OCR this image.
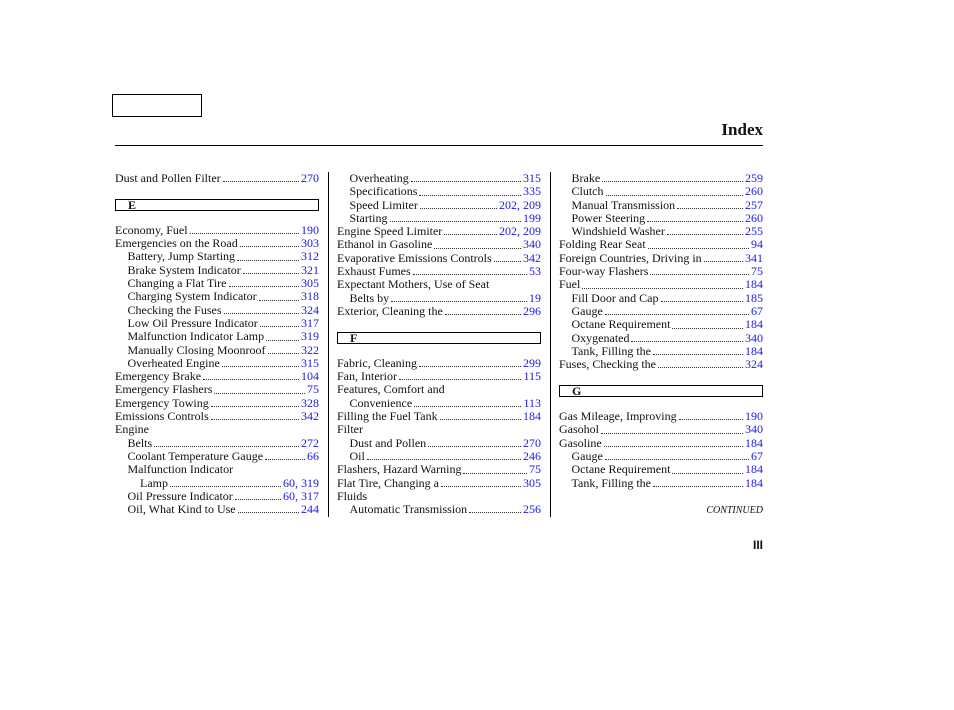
Index
Dust and Pollen Filter	270
E
Economy, Fuel	190
Emergencies on the Road	303
Battery, Jump Starting	312
Brake System Indicator	321
Changing a Flat Tire	305
Charging System Indicator	318
Checking the Fuses	324
Low Oil Pressure Indicator	317
Malfunction Indicator Lamp	319
Manually Closing Moonroof	322
Overheated Engine	315
Emergency Brake	104
Emergency Flashers	75
Emergency Towing	328
Emissions Controls	342
Engine
Belts	272
Coolant Temperature Gauge	66
Malfunction Indicator
Lamp	60, 319
Oil Pressure Indicator	60, 317
Oil, What Kind to Use	244
Overheating	315
Specifications	335
Speed Limiter	202, 209
Starting	199
Engine Speed Limiter	202, 209
Ethanol in Gasoline	340
Evaporative Emissions Controls	342
Exhaust Fumes	53
Expectant Mothers, Use of Seat
Belts by	19
Exterior, Cleaning the	296
F
Fabric, Cleaning	299
Fan, Interior	115
Features, Comfort and
Convenience	113
Filling the Fuel Tank	184
Filter
Dust and Pollen	270
Oil	246
Flashers, Hazard Warning	75
Flat Tire, Changing a	305
Fluids
Automatic Transmission	256
Brake	259
Clutch	260
Manual Transmission	257
Power Steering	260
Windshield Washer	255
Folding Rear Seat	94
Foreign Countries, Driving in	341
Four-way Flashers	75
Fuel	184
Fill Door and Cap	185
Gauge	67
Octane Requirement	184
Oxygenated	340
Tank, Filling the	184
Fuses, Checking the	324
G
Gas Mileage, Improving	190
Gasohol	340
Gasoline	184
Gauge	67
Octane Requirement	184
Tank, Filling the	184
CONTINUED
III
